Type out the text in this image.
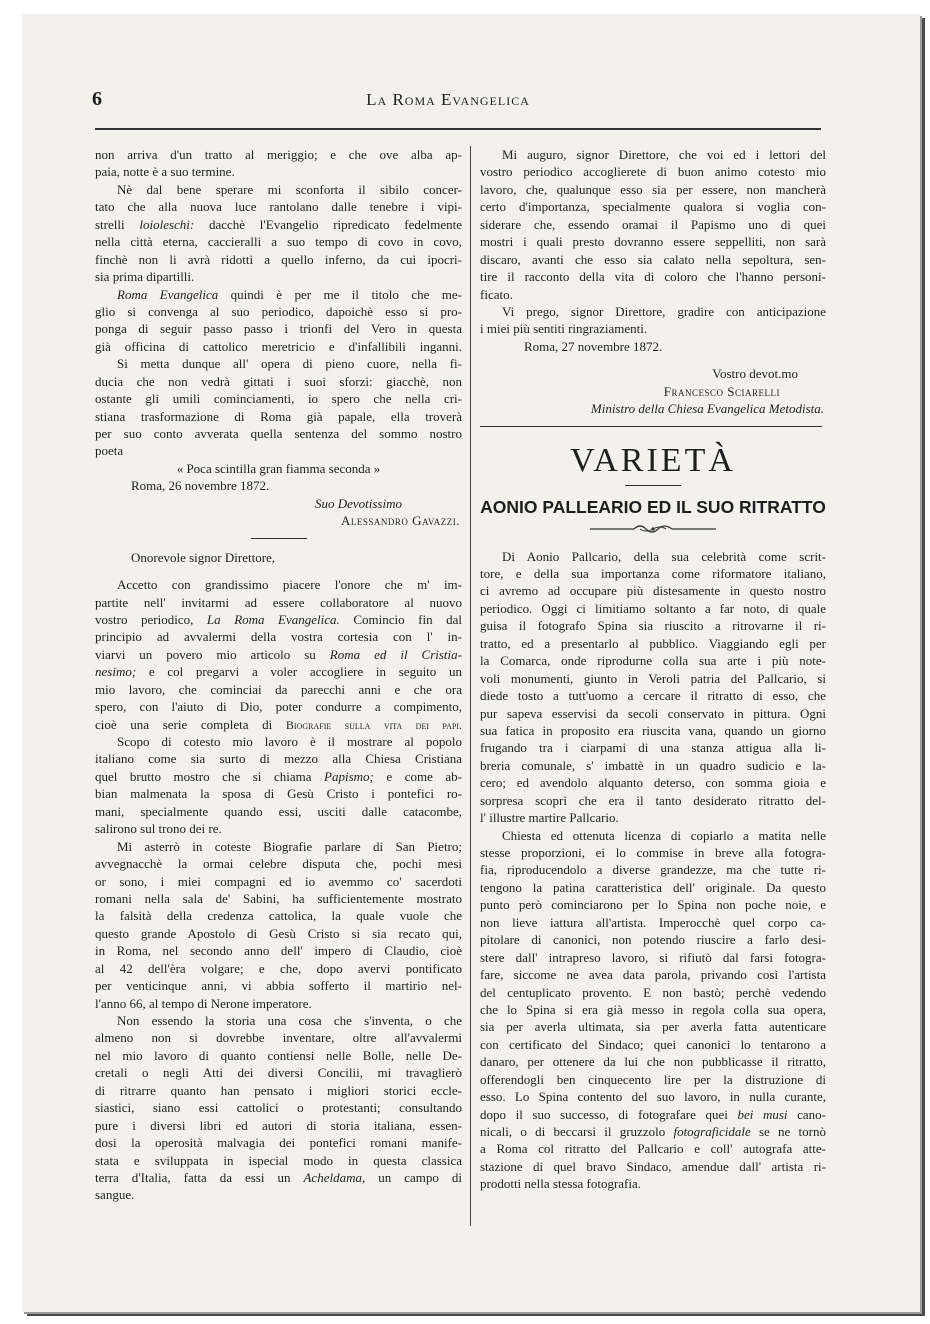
6	La Roma Evangelica
non arriva d'un tratto al meriggio; e che ove alba ap-
paia, notte è a suo termine.
Nè dal bene sperare mi sconforta il sibilo concer-
tato che alla nuova luce rantolano dalle tenebre i vipi-
strelli loioleschi: dacchè l'Evangelio ripredicato fedelmente
nella città eterna, caccieralli a suo tempo di covo in covo,
finchè non li avrà ridotti a quello inferno, da cui ipocri-
sia prima dipartilli.
Roma Evangelica quindi è per me il titolo che me-
glio si convenga al suo periodico, dapoichè esso si pro-
ponga di seguir passo passo i trionfi del Vero in questa
già officina di cattolico meretricio e d'infallibili inganni.
Si metta dunque all' opera di pieno cuore, nella fi-
ducia che non vedrà gittati i suoi sforzi: giacchè, non
ostante gli umili cominciamenti, io spero che nella cri-
stiana trasformazione di Roma già papale, ella troverà
per suo conto avverata quella sentenza del sommo nostro
poeta
« Poca scintilla gran fiamma seconda »
Roma, 26 novembre 1872.
Suo Devotissimo
Alessandro Gavazzi.
Onorevole signor Direttore,
Accetto con grandissimo piacere l'onore che m' im-
partite nell' invitarmi ad essere collaboratore al nuovo
vostro periodico, La Roma Evangelica. Comincio fin dal
principio ad avvalermi della vostra cortesia con l' in-
viarvi un povero mio articolo su Roma ed il Cristia-
nesimo; e col pregarvi a voler accogliere in seguito un
mio lavoro, che cominciai da parecchi anni e che ora
spero, con l'aiuto di Dio, poter condurre a compimento,
cioè una serie completa di Biografie sulla vita dei papi.
Scopo di cotesto mio lavoro è il mostrare al popolo
italiano come sia surto di mezzo alla Chiesa Cristiana
quel brutto mostro che si chiama Papismo; e come ab-
bian malmenata la sposa di Gesù Cristo i pontefici ro-
mani, specialmente quando essi, usciti dalle catacombe,
salirono sul trono dei re.
Mi asterrò in coteste Biografie parlare di San Pietro;
avvegnacchè la ormai celebre disputa che, pochi mesi
or sono, i miei compagni ed io avemmo co' sacerdoti
romani nella sala de' Sabini, ha sufficientemente mostrato
la falsità della credenza cattolica, la quale vuole che
questo grande Apostolo di Gesù Cristo si sia recato qui,
in Roma, nel secondo anno dell' impero di Claudio, cioè
al 42 dell'èra volgare; e che, dopo avervi pontificato
per venticinque anni, vi abbia sofferto il martirio nel-
l'anno 66, al tempo di Nerone imperatore.
Non essendo la storia una cosa che s'inventa, o che
almeno non si dovrebbe inventare, oltre all'avvalermi
nel mio lavoro di quanto contiensi nelle Bolle, nelle De-
cretali o negli Atti dei diversi Concilii, mi travaglierò
di ritrarre quanto han pensato i migliori storici eccle-
siastici, siano essi cattolici o protestanti; consultando
pure i diversi libri ed autori di storia italiana, essen-
dosi la operosità malvagia dei pontefici romani manife-
stata e sviluppata in ispecial modo in questa classica
terra d'Italia, fatta da essi un Acheldama, un campo di
sangue.
Mi auguro, signor Direttore, che voi ed i lettori del
vostro periodico accoglierete di buon animo cotesto mio
lavoro, che, qualunque esso sia per essere, non mancherà
certo d'importanza, specialmente qualora si voglia con-
siderare che, essendo oramai il Papismo uno di quei
mostri i quali presto dovranno essere seppelliti, non sarà
discaro, avanti che esso sia calato nella sepoltura, sen-
tire il racconto della vita di coloro che l'hanno personi-
ficato.
Vi prego, signor Direttore, gradire con anticipazione
i miei più sentiti ringraziamenti.
Roma, 27 novembre 1872.
Vostro devot.mo
Francesco Sciarelli
Ministro della Chiesa Evangelica Metodista.
VARIETÀ
AONIO PALLEARIO ED IL SUO RITRATTO
Di Aonio Pallcario, della sua celebrità come scrit-
tore, e della sua importanza come riformatore italiano,
ci avremo ad occupare più distesamente in questo nostro
periodico. Oggi ci limitiamo soltanto a far noto, di quale
guisa il fotografo Spina sia riuscito a ritrovarne il ri-
tratto, ed a presentarlo al pubblico. Viaggiando egli per
la Comarca, onde riprodurne colla sua arte i più note-
voli monumenti, giunto in Veroli patria del Pallcario, si
diede tosto a tutt'uomo a cercare il ritratto di esso, che
pur sapeva esservisi da secoli conservato in pittura. Ogni
sua fatica in proposito era riuscita vana, quando un giorno
frugando tra i ciarpami di una stanza attigua alla li-
breria comunale, s' imbattè in un quadro sudicio e la-
cero; ed avendolo alquanto deterso, con somma gioia e
sorpresa scoprì che era il tanto desiderato ritratto del-
l' illustre martire Pallcario.
Chiesta ed ottenuta licenza di copiarlo a matita nelle
stesse proporzioni, ei lo commise in breve alla fotogra-
fia, riproducendolo a diverse grandezze, ma che tutte ri-
tengono la patina caratteristica dell' originale. Da questo
punto però cominciarono per lo Spina non poche noie, e
non lieve iattura all'artista. Imperocchè quel corpo ca-
pitolare di canonici, non potendo riuscire a farlo desi-
stere dall' intrapreso lavoro, si rifiutò dal farsi fotogra-
fare, siccome ne avea data parola, privando così l'artista
del centuplicato provento. E non bastò; perchè vedendo
che lo Spina si era già messo in regola colla sua opera,
sia per averla ultimata, sia per averla fatta autenticare
con certificato del Sindaco; quei canonici lo tentarono a
danaro, per ottenere da lui che non pubblicasse il ritratto,
offerendogli ben cinquecento lire per la distruzione di
esso. Lo Spina contento del suo lavoro, in nulla curante,
dopo il suo successo, di fotografare quei bei musi cano-
nicali, o di beccarsi il gruzzolo fotograficidale se ne tornò
a Roma col ritratto del Pallcario e coll' autografa atte-
stazione di quel bravo Sindaco, amendue dall' artista ri-
prodotti nella stessa fotografia.
